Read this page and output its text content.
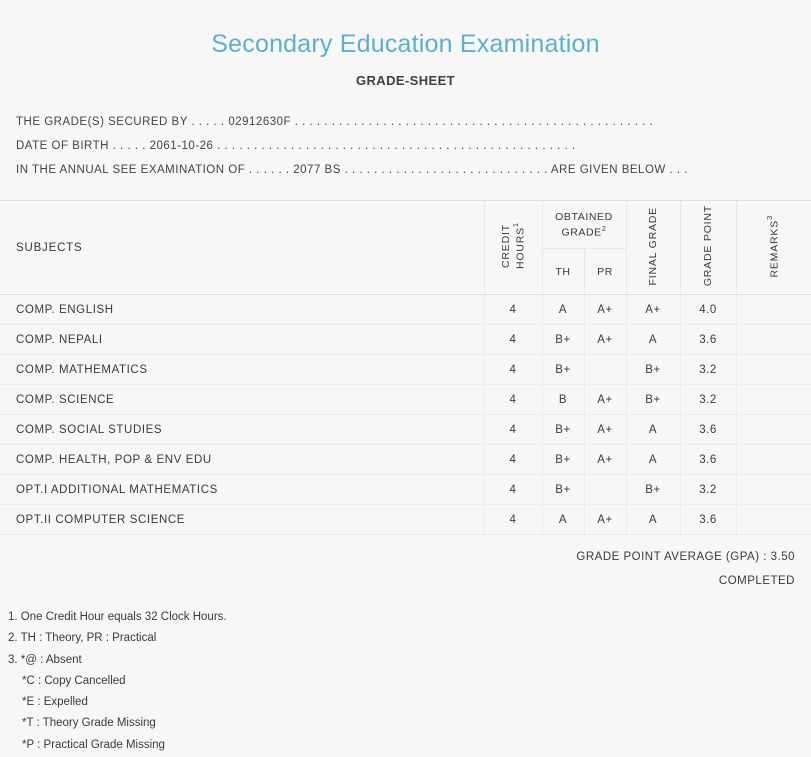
Secondary Education Examination
GRADE-SHEET
THE GRADE(S) SECURED BY . . . . . 02912630F . . . . . . . . . . . . . . . . . . . . . . . . . . . . . . . . . . . . . . . . . . . . . . . . .
DATE OF BIRTH . . . . . 2061-10-26 . . . . . . . . . . . . . . . . . . . . . . . . . . . . . . . . . . . . . . . . . . . . . . . . .
IN THE ANNUAL SEE EXAMINATION OF . . . . . . 2077 BS . . . . . . . . . . . . . . . . . . . . . . . . . . . . ARE GIVEN BELOW . . .
SUBJECTS	CREDIT HOURS$^1$	OBTAINED GRADE$^2$		FINAL GRADE	GRADE POINT	REMARKS$^3$
		TH	PR			
COMP. ENGLISH	4	A	A+	A+	4.0	
COMP. NEPALI	4	B+	A+	A	3.6	
COMP. MATHEMATICS	4	B+		B+	3.2	
COMP. SCIENCE	4	B	A+	B+	3.2	
COMP. SOCIAL STUDIES	4	B+	A+	A	3.6	
COMP. HEALTH, POP & ENV EDU	4	B+	A+	A	3.6	
OPT.I ADDITIONAL MATHEMATICS	4	B+		B+	3.2	
OPT.II COMPUTER SCIENCE	4	A	A+	A	3.6	
GRADE POINT AVERAGE (GPA) : 3.50
COMPLETED
1. One Credit Hour equals 32 Clock Hours.
2. TH : Theory, PR : Practical
3. *@ : Absent
*C : Copy Cancelled
*E : Expelled
*T : Theory Grade Missing
*P : Practical Grade Missing
